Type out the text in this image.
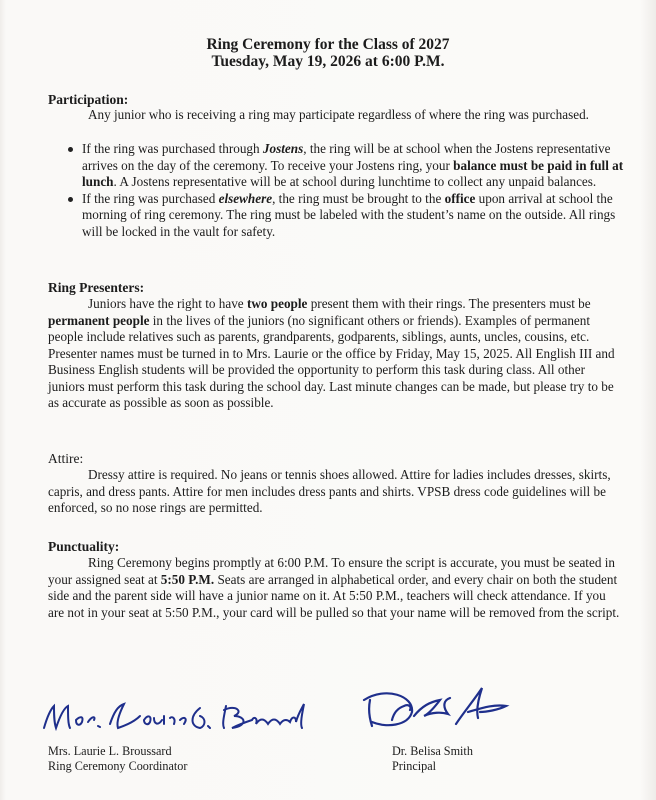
Ring Ceremony for the Class of 2027
Tuesday, May 19, 2026 at 6:00 P.M.
Participation:

Any junior who is receiving a ring may participate regardless of where the ring was purchased.

If the ring was purchased through Jostens, the ring will be at school when the Jostens representative arrives on the day of the ceremony. To receive your Jostens ring, your balance must be paid in full at lunch. A Jostens representative will be at school during lunchtime to collect any unpaid balances.
If the ring was purchased elsewhere, the ring must be brought to the office upon arrival at school the morning of ring ceremony. The ring must be labeled with the student’s name on the outside. All rings will be locked in the vault for safety.
Ring Presenters:

Juniors have the right to have two people present them with their rings. The presenters must be permanent people in the lives of the juniors (no significant others or friends). Examples of permanent people include relatives such as parents, grandparents, godparents, siblings, aunts, uncles, cousins, etc. Presenter names must be turned in to Mrs. Laurie or the office by Friday, May 15, 2025. All English III and Business English students will be provided the opportunity to perform this task during class. All other juniors must perform this task during the school day. Last minute changes can be made, but please try to be as accurate as possible as soon as possible.

Attire:

Dressy attire is required. No jeans or tennis shoes allowed. Attire for ladies includes dresses, skirts, capris, and dress pants. Attire for men includes dress pants and shirts. VPSB dress code guidelines will be enforced, so no nose rings are permitted.

Punctuality:

Ring Ceremony begins promptly at 6:00 P.M. To ensure the script is accurate, you must be seated in your assigned seat at 5:50 P.M. Seats are arranged in alphabetical order, and every chair on both the student side and the parent side will have a junior name on it. At 5:50 P.M., teachers will check attendance. If you are not in your seat at 5:50 P.M., your card will be pulled so that your name will be removed from the script.

Mrs. Laurie L. Broussard
Ring Ceremony Coordinator
Dr. Belisa Smith
Principal
